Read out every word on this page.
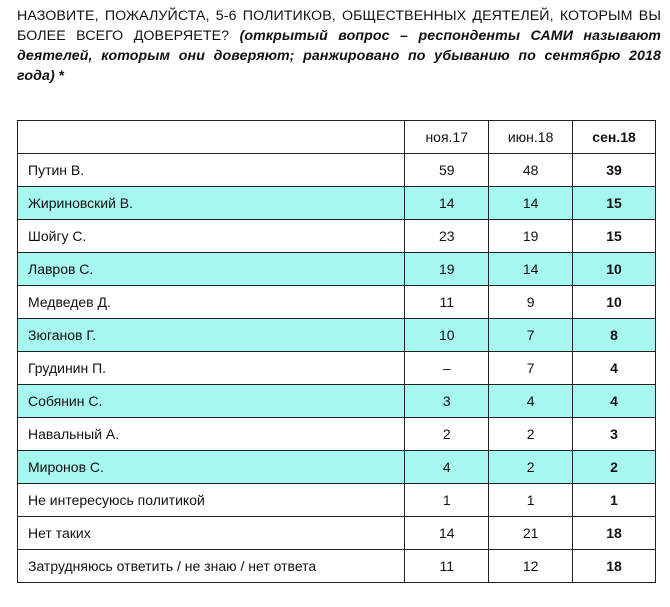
НАЗОВИТЕ, ПОЖАЛУЙСТА, 5-6 ПОЛИТИКОВ, ОБЩЕСТВЕННЫХ ДЕЯТЕЛЕЙ, КОТОРЫМ ВЫ БОЛЕЕ ВСЕГО ДОВЕРЯЕТЕ? (открытый вопрос – респонденты САМИ называют деятелей, которым они доверяют; ранжировано по убыванию по сентябрю 2018 года) *
	ноя.17	июн.18	сен.18
Путин В.	59	48	39
Жириновский В.	14	14	15
Шойгу С.	23	19	15
Лавров С.	19	14	10
Медведев Д.	11	9	10
Зюганов Г.	10	7	8
Грудинин П.	–	7	4
Собянин С.	3	4	4
Навальный А.	2	2	3
Миронов С.	4	2	2
Не интересуюсь политикой	1	1	1
Нет таких	14	21	18
Затрудняюсь ответить / не знаю / нет ответа	11	12	18
